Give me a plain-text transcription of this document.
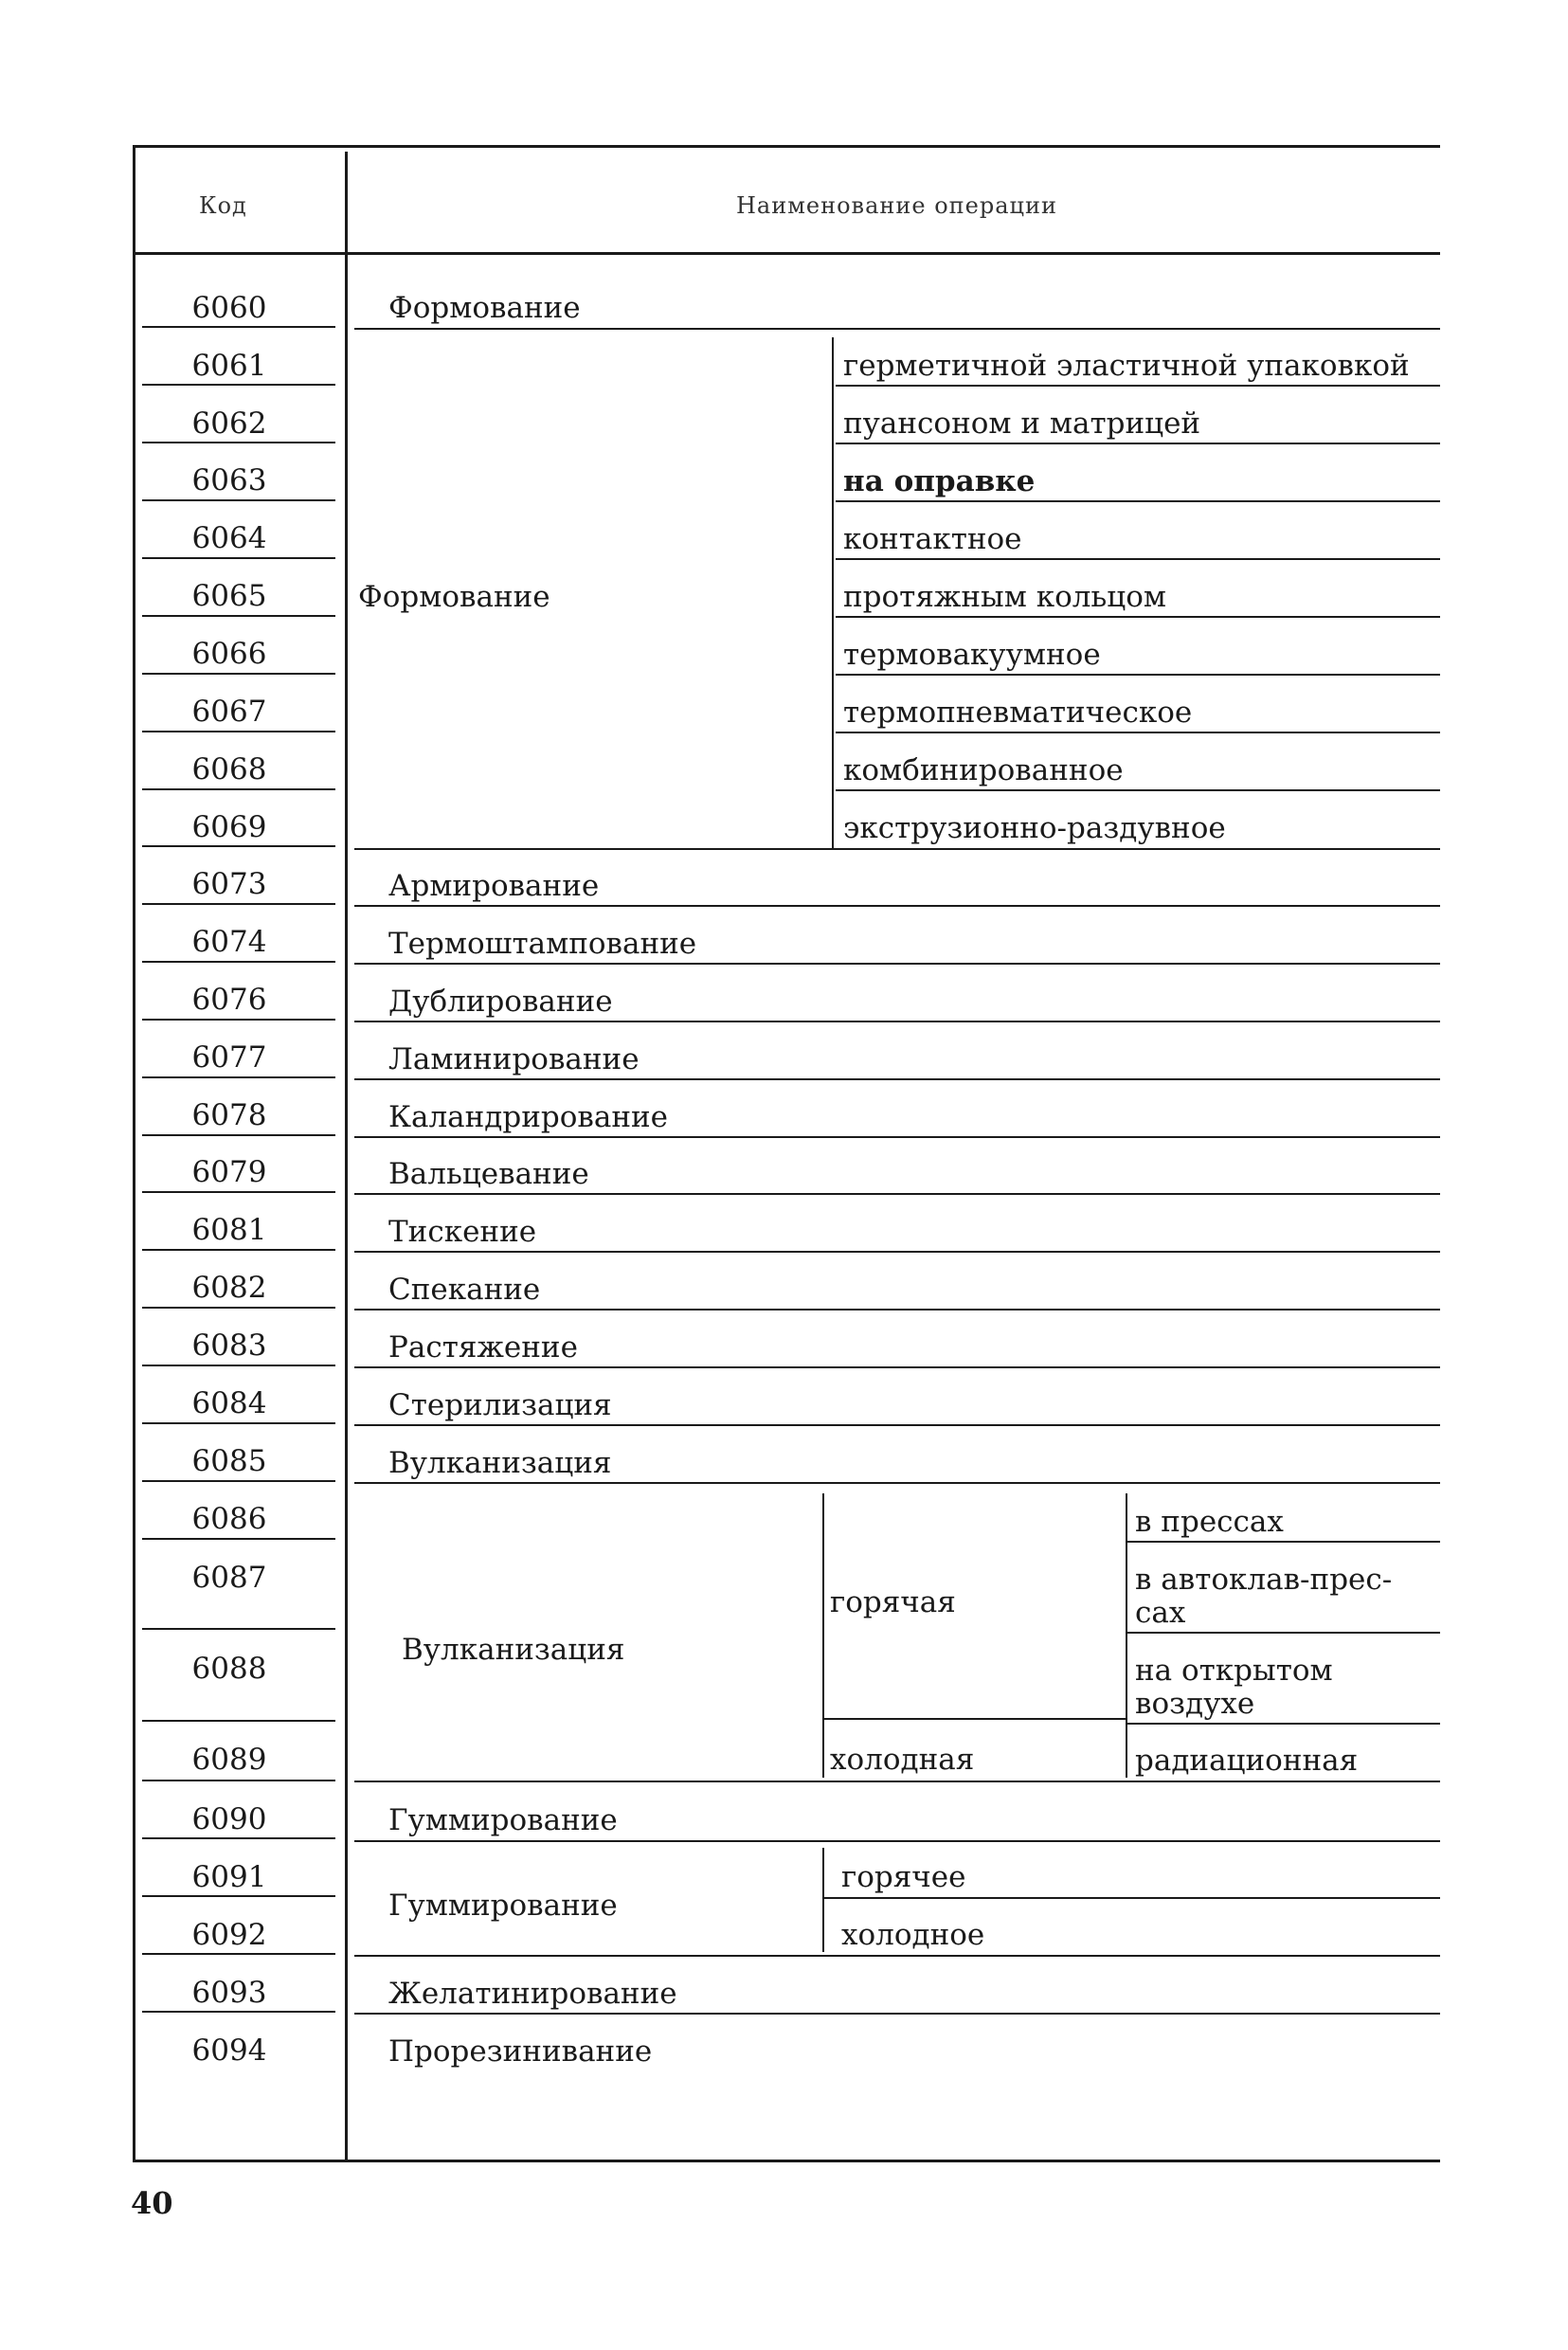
Код	Наименование операции
6060
6061
6062
6063
6064
6065
6066
6067
6068
6069
6073
6074
6076
6077
6078
6079
6081
6082
6083
6084
6085
6086
6087
6088
6089
6090
6091
6092
6093
6094
Формование
Формование
герметичной эластичной упаковкой
пуансоном и матрицей
на оправке
контактное
протяжным кольцом
термовакуумное
термопневматическое
комбинированное
экструзионно-раздувное
Армирование
Термоштампование
Дублирование
Ламинирование
Каландрирование
Вальцевание
Тискение
Спекание
Растяжение
Стерилизация
Вулканизация
Вулканизация
горячая
холодная
в прессах
в автоклав-прес-
сах
на открытом
воздухе
радиационная
Гуммирование
Гуммирование
горячее
холодное
Желатинирование
Прорезинивание
40
